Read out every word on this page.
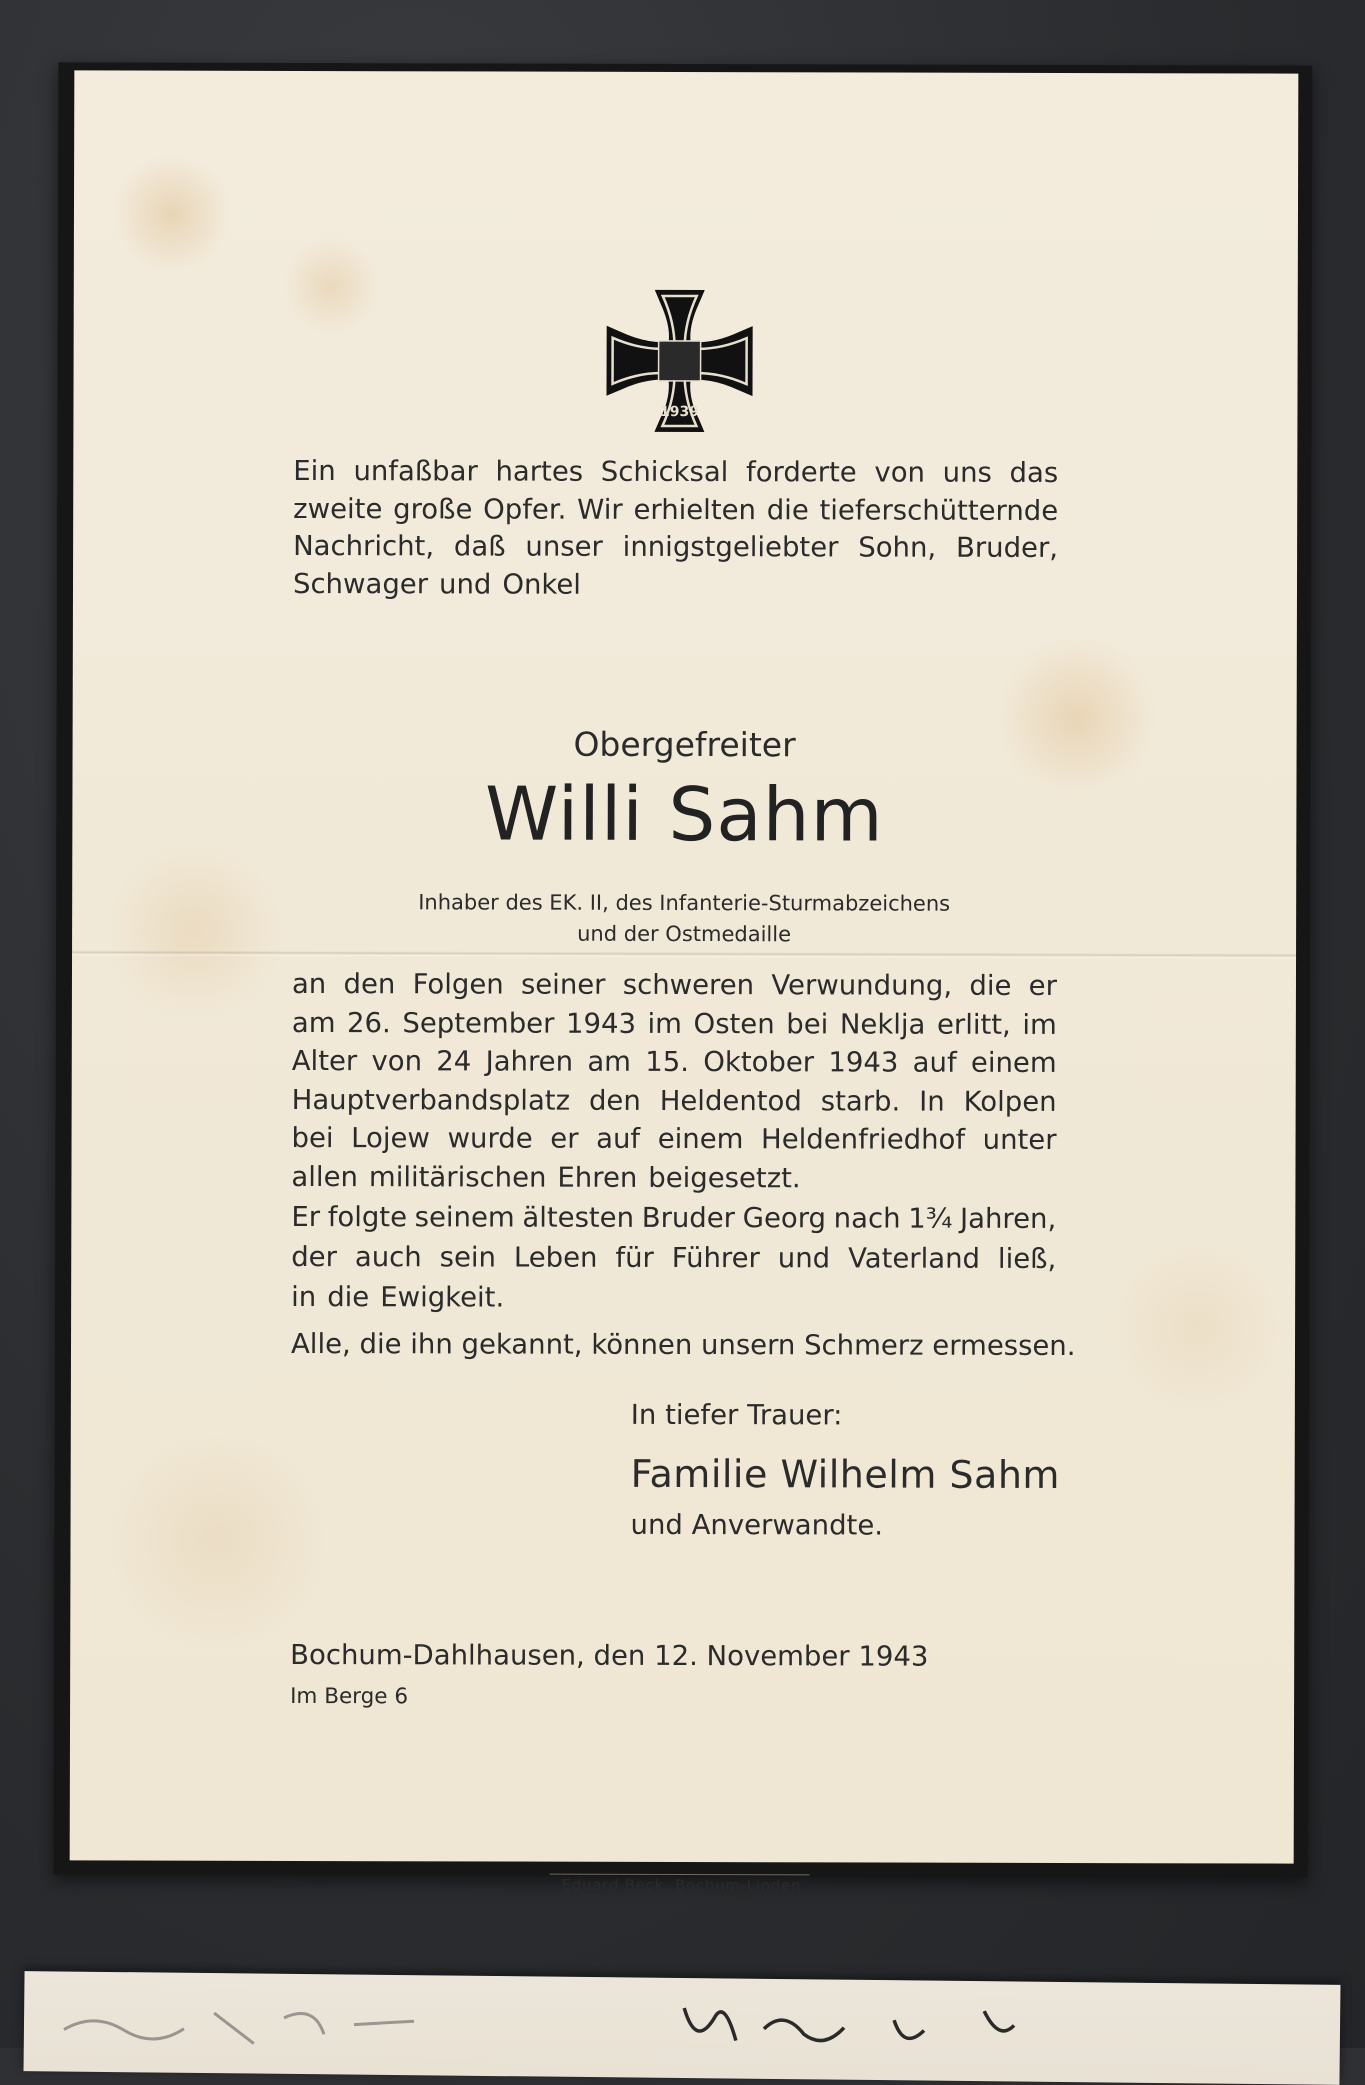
1939
Ein unfaßbar hartes Schicksal forderte von uns das
zweite große Opfer. Wir erhielten die tieferschütternde
Nachricht, daß unser innigstgeliebter Sohn, Bruder,
Schwager und Onkel
Obergefreiter
Willi Sahm
Inhaber des EK. II, des Infanterie-Sturmabzeichens
und der Ostmedaille
an den Folgen seiner schweren Verwundung, die er
am 26. September 1943 im Osten bei Neklja erlitt, im
Alter von 24 Jahren am 15. Oktober 1943 auf einem
Hauptverbandsplatz den Heldentod starb. In Kolpen
bei Lojew wurde er auf einem Heldenfriedhof unter
allen militärischen Ehren beigesetzt.
Er folgte seinem ältesten Bruder Georg nach 1¾ Jahren,
der auch sein Leben für Führer und Vaterland ließ,
in die Ewigkeit.
Alle, die ihn gekannt, können unsern Schmerz ermessen.
In tiefer Trauer:
Familie Wilhelm Sahm
und Anverwandte.
Bochum-Dahlhausen, den 12. November 1943
Im Berge 6
Eduard Beck, Bochum-Linden
